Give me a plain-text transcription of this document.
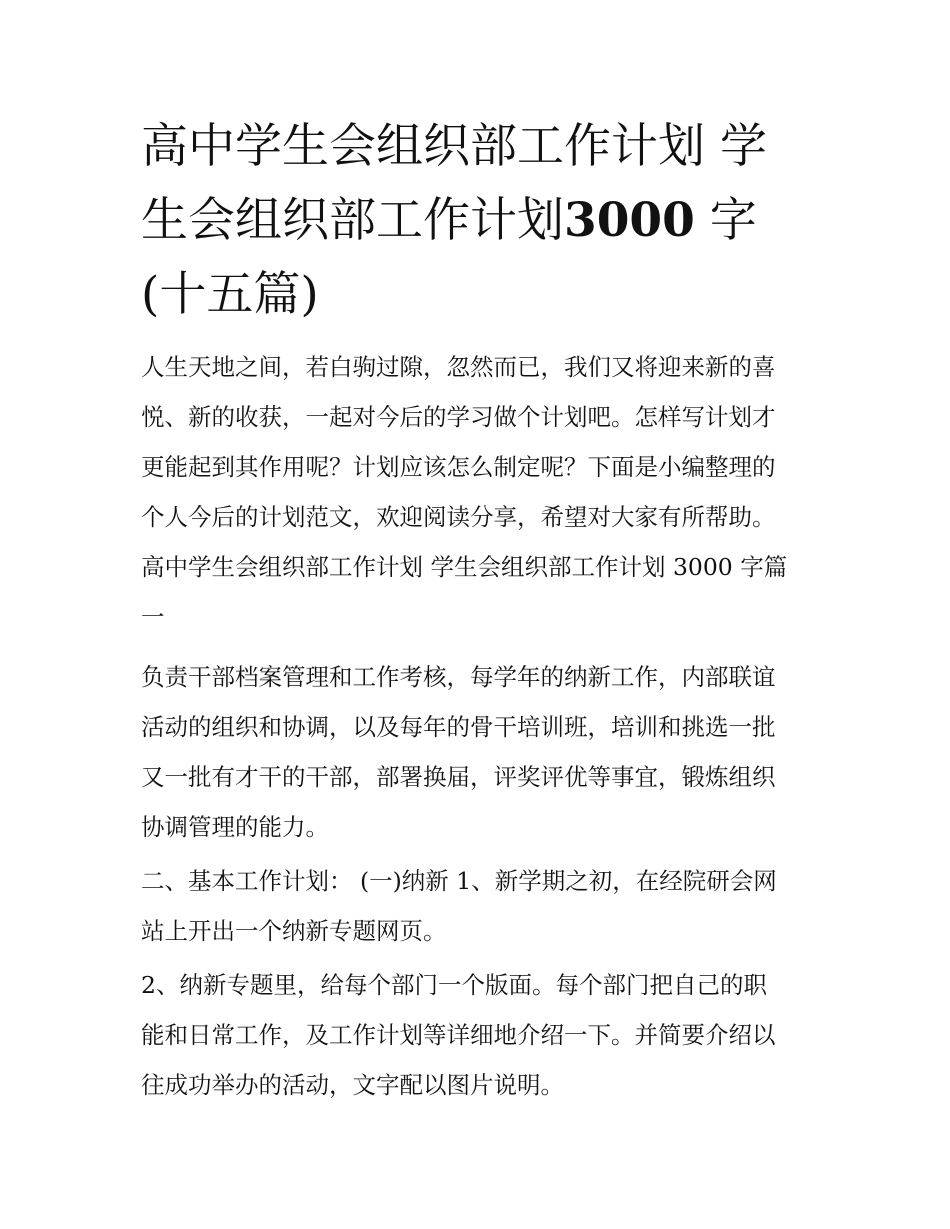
高中学生会组织部工作计划 学
生会组织部工作计划3000 字
(十五篇)

人生天地之间，若白驹过隙，忽然而已，我们又将迎来新的喜
悦、新的收获，一起对今后的学习做个计划吧。怎样写计划才
更能起到其作用呢？计划应该怎么制定呢？下面是小编整理的
个人今后的计划范文，欢迎阅读分享，希望对大家有所帮助。

高中学生会组织部工作计划 学生会组织部工作计划 3000 字篇
一

负责干部档案管理和工作考核，每学年的纳新工作，内部联谊
活动的组织和协调，以及每年的骨干培训班，培训和挑选一批
又一批有才干的干部，部署换届，评奖评优等事宜，锻炼组织
协调管理的能力。

二、基本工作计划： (一)纳新 1、新学期之初，在经院研会网
站上开出一个纳新专题网页。

2、纳新专题里，给每个部门一个版面。每个部门把自己的职
能和日常工作，及工作计划等详细地介绍一下。并简要介绍以
往成功举办的活动，文字配以图片说明。
